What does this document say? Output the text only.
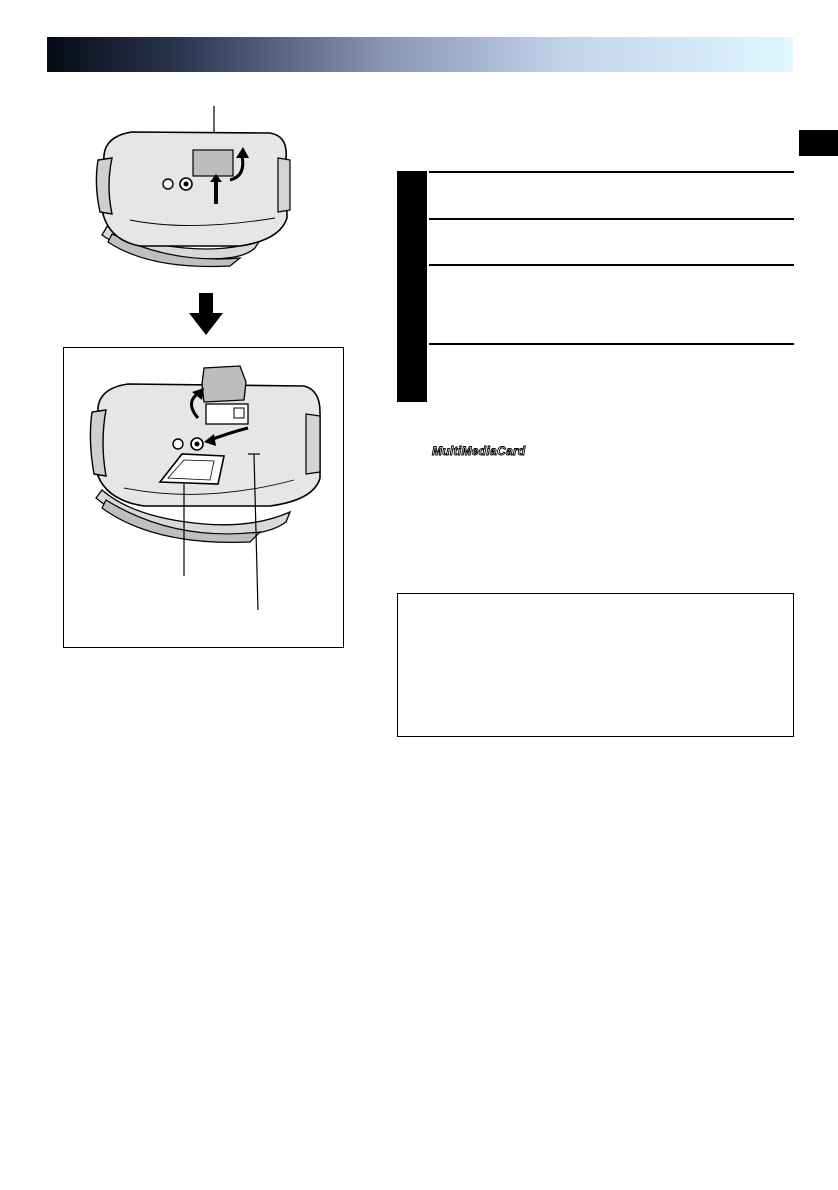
MultiMediaCard
